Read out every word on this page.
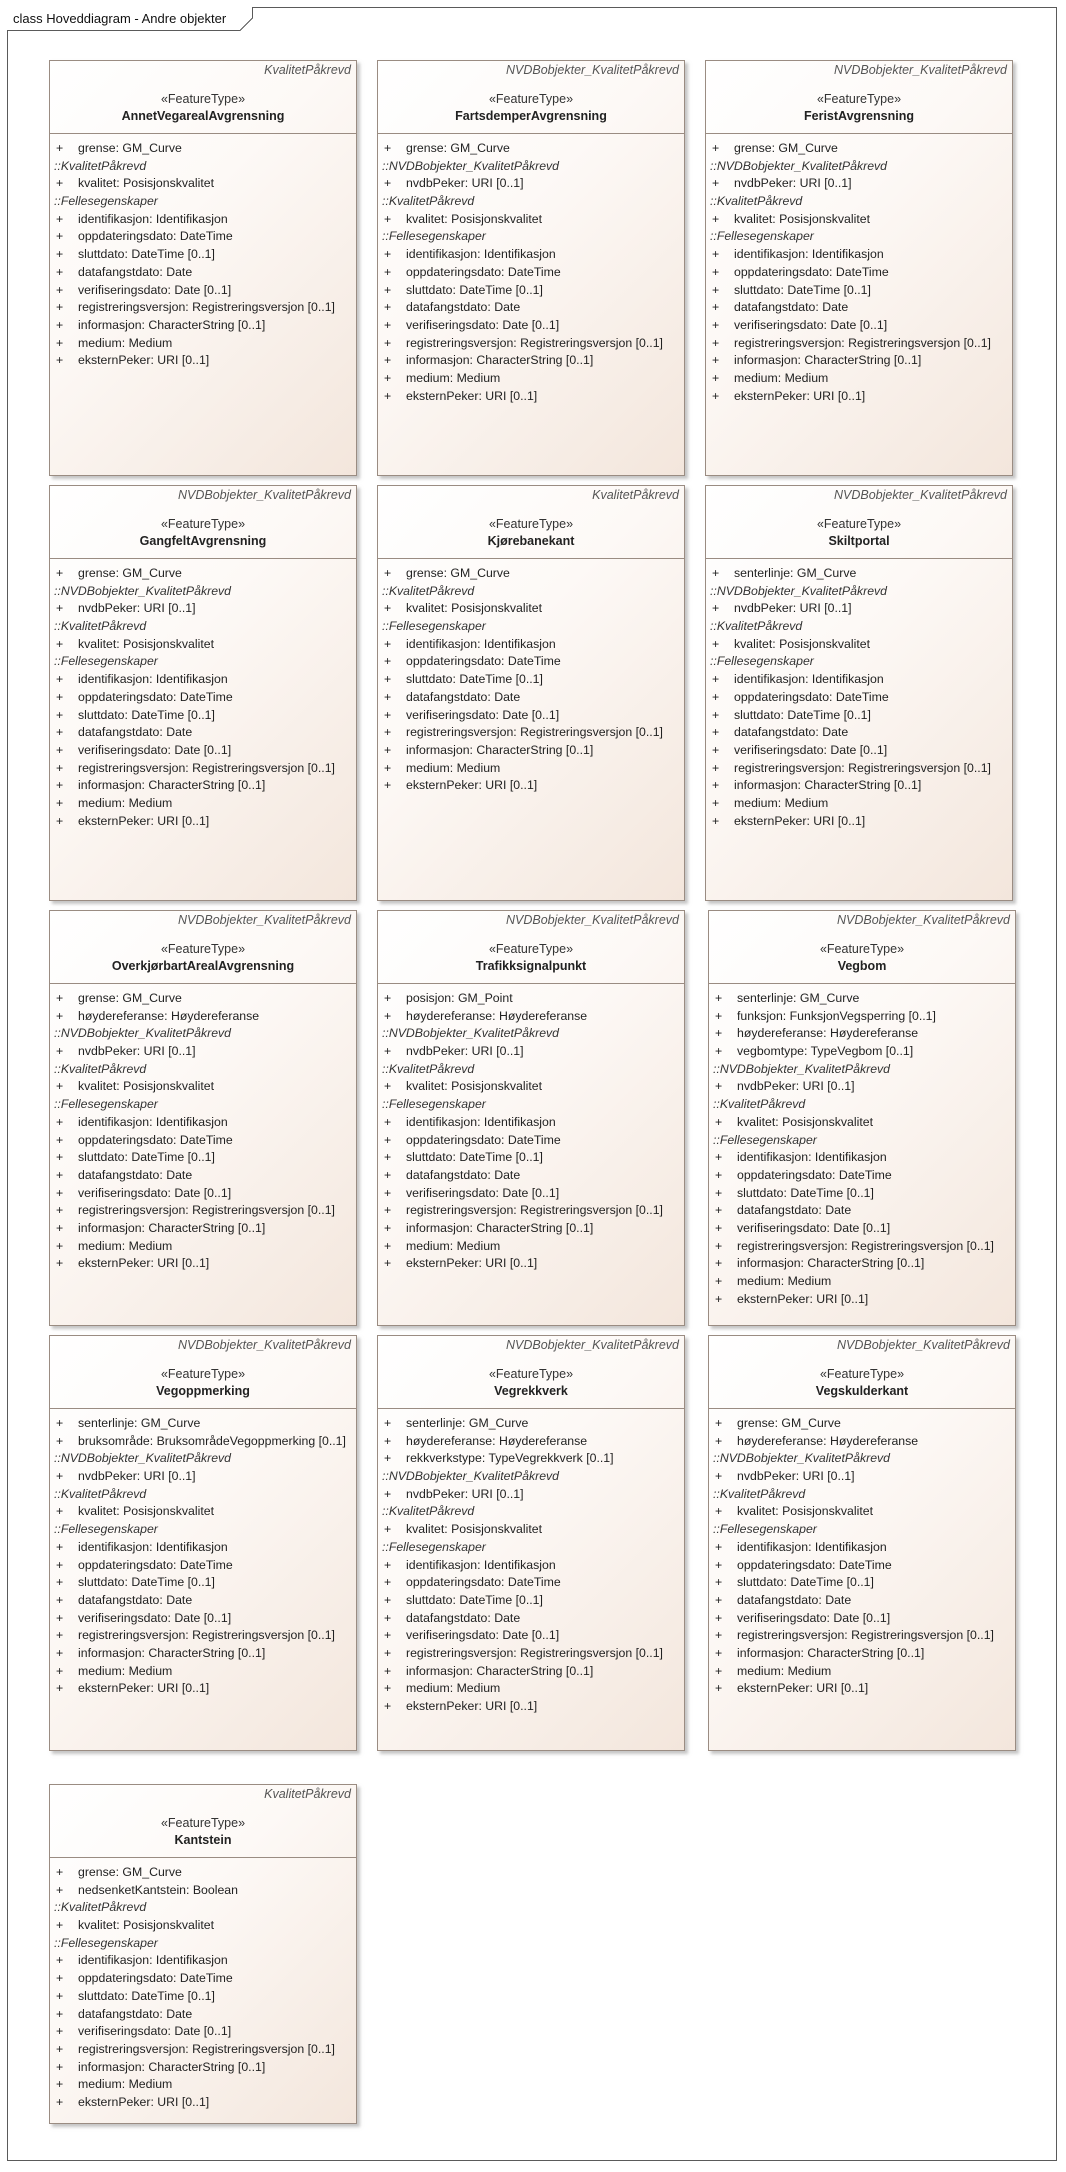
class Hoveddiagram - Andre objekter
KvalitetPåkrevd
«FeatureType»
AnnetVegarealAvgrensning
+ grense: GM_Curve
::KvalitetPåkrevd
+ kvalitet: Posisjonskvalitet
::Fellesegenskaper
+ identifikasjon: Identifikasjon
+ oppdateringsdato: DateTime
+ sluttdato: DateTime [0..1]
+ datafangstdato: Date
+ verifiseringsdato: Date [0..1]
+ registreringsversjon: Registreringsversjon [0..1]
+ informasjon: CharacterString [0..1]
+ medium: Medium
+ eksternPeker: URI [0..1]
NVDBobjekter_KvalitetPåkrevd
«FeatureType»
FartsdemperAvgrensning
+ grense: GM_Curve
::NVDBobjekter_KvalitetPåkrevd
+ nvdbPeker: URI [0..1]
::KvalitetPåkrevd
+ kvalitet: Posisjonskvalitet
::Fellesegenskaper
+ identifikasjon: Identifikasjon
+ oppdateringsdato: DateTime
+ sluttdato: DateTime [0..1]
+ datafangstdato: Date
+ verifiseringsdato: Date [0..1]
+ registreringsversjon: Registreringsversjon [0..1]
+ informasjon: CharacterString [0..1]
+ medium: Medium
+ eksternPeker: URI [0..1]
NVDBobjekter_KvalitetPåkrevd
«FeatureType»
FeristAvgrensning
+ grense: GM_Curve
::NVDBobjekter_KvalitetPåkrevd
+ nvdbPeker: URI [0..1]
::KvalitetPåkrevd
+ kvalitet: Posisjonskvalitet
::Fellesegenskaper
+ identifikasjon: Identifikasjon
+ oppdateringsdato: DateTime
+ sluttdato: DateTime [0..1]
+ datafangstdato: Date
+ verifiseringsdato: Date [0..1]
+ registreringsversjon: Registreringsversjon [0..1]
+ informasjon: CharacterString [0..1]
+ medium: Medium
+ eksternPeker: URI [0..1]
NVDBobjekter_KvalitetPåkrevd
«FeatureType»
GangfeltAvgrensning
+ grense: GM_Curve
::NVDBobjekter_KvalitetPåkrevd
+ nvdbPeker: URI [0..1]
::KvalitetPåkrevd
+ kvalitet: Posisjonskvalitet
::Fellesegenskaper
+ identifikasjon: Identifikasjon
+ oppdateringsdato: DateTime
+ sluttdato: DateTime [0..1]
+ datafangstdato: Date
+ verifiseringsdato: Date [0..1]
+ registreringsversjon: Registreringsversjon [0..1]
+ informasjon: CharacterString [0..1]
+ medium: Medium
+ eksternPeker: URI [0..1]
KvalitetPåkrevd
«FeatureType»
Kjørebanekant
+ grense: GM_Curve
::KvalitetPåkrevd
+ kvalitet: Posisjonskvalitet
::Fellesegenskaper
+ identifikasjon: Identifikasjon
+ oppdateringsdato: DateTime
+ sluttdato: DateTime [0..1]
+ datafangstdato: Date
+ verifiseringsdato: Date [0..1]
+ registreringsversjon: Registreringsversjon [0..1]
+ informasjon: CharacterString [0..1]
+ medium: Medium
+ eksternPeker: URI [0..1]
NVDBobjekter_KvalitetPåkrevd
«FeatureType»
Skiltportal
+ senterlinje: GM_Curve
::NVDBobjekter_KvalitetPåkrevd
+ nvdbPeker: URI [0..1]
::KvalitetPåkrevd
+ kvalitet: Posisjonskvalitet
::Fellesegenskaper
+ identifikasjon: Identifikasjon
+ oppdateringsdato: DateTime
+ sluttdato: DateTime [0..1]
+ datafangstdato: Date
+ verifiseringsdato: Date [0..1]
+ registreringsversjon: Registreringsversjon [0..1]
+ informasjon: CharacterString [0..1]
+ medium: Medium
+ eksternPeker: URI [0..1]
NVDBobjekter_KvalitetPåkrevd
«FeatureType»
OverkjørbartArealAvgrensning
+ grense: GM_Curve
+ høydereferanse: Høydereferanse
::NVDBobjekter_KvalitetPåkrevd
+ nvdbPeker: URI [0..1]
::KvalitetPåkrevd
+ kvalitet: Posisjonskvalitet
::Fellesegenskaper
+ identifikasjon: Identifikasjon
+ oppdateringsdato: DateTime
+ sluttdato: DateTime [0..1]
+ datafangstdato: Date
+ verifiseringsdato: Date [0..1]
+ registreringsversjon: Registreringsversjon [0..1]
+ informasjon: CharacterString [0..1]
+ medium: Medium
+ eksternPeker: URI [0..1]
NVDBobjekter_KvalitetPåkrevd
«FeatureType»
Trafikksignalpunkt
+ posisjon: GM_Point
+ høydereferanse: Høydereferanse
::NVDBobjekter_KvalitetPåkrevd
+ nvdbPeker: URI [0..1]
::KvalitetPåkrevd
+ kvalitet: Posisjonskvalitet
::Fellesegenskaper
+ identifikasjon: Identifikasjon
+ oppdateringsdato: DateTime
+ sluttdato: DateTime [0..1]
+ datafangstdato: Date
+ verifiseringsdato: Date [0..1]
+ registreringsversjon: Registreringsversjon [0..1]
+ informasjon: CharacterString [0..1]
+ medium: Medium
+ eksternPeker: URI [0..1]
NVDBobjekter_KvalitetPåkrevd
«FeatureType»
Vegbom
+ senterlinje: GM_Curve
+ funksjon: FunksjonVegsperring [0..1]
+ høydereferanse: Høydereferanse
+ vegbomtype: TypeVegbom [0..1]
::NVDBobjekter_KvalitetPåkrevd
+ nvdbPeker: URI [0..1]
::KvalitetPåkrevd
+ kvalitet: Posisjonskvalitet
::Fellesegenskaper
+ identifikasjon: Identifikasjon
+ oppdateringsdato: DateTime
+ sluttdato: DateTime [0..1]
+ datafangstdato: Date
+ verifiseringsdato: Date [0..1]
+ registreringsversjon: Registreringsversjon [0..1]
+ informasjon: CharacterString [0..1]
+ medium: Medium
+ eksternPeker: URI [0..1]
NVDBobjekter_KvalitetPåkrevd
«FeatureType»
Vegoppmerking
+ senterlinje: GM_Curve
+ bruksområde: BruksområdeVegoppmerking [0..1]
::NVDBobjekter_KvalitetPåkrevd
+ nvdbPeker: URI [0..1]
::KvalitetPåkrevd
+ kvalitet: Posisjonskvalitet
::Fellesegenskaper
+ identifikasjon: Identifikasjon
+ oppdateringsdato: DateTime
+ sluttdato: DateTime [0..1]
+ datafangstdato: Date
+ verifiseringsdato: Date [0..1]
+ registreringsversjon: Registreringsversjon [0..1]
+ informasjon: CharacterString [0..1]
+ medium: Medium
+ eksternPeker: URI [0..1]
NVDBobjekter_KvalitetPåkrevd
«FeatureType»
Vegrekkverk
+ senterlinje: GM_Curve
+ høydereferanse: Høydereferanse
+ rekkverkstype: TypeVegrekkverk [0..1]
::NVDBobjekter_KvalitetPåkrevd
+ nvdbPeker: URI [0..1]
::KvalitetPåkrevd
+ kvalitet: Posisjonskvalitet
::Fellesegenskaper
+ identifikasjon: Identifikasjon
+ oppdateringsdato: DateTime
+ sluttdato: DateTime [0..1]
+ datafangstdato: Date
+ verifiseringsdato: Date [0..1]
+ registreringsversjon: Registreringsversjon [0..1]
+ informasjon: CharacterString [0..1]
+ medium: Medium
+ eksternPeker: URI [0..1]
NVDBobjekter_KvalitetPåkrevd
«FeatureType»
Vegskulderkant
+ grense: GM_Curve
+ høydereferanse: Høydereferanse
::NVDBobjekter_KvalitetPåkrevd
+ nvdbPeker: URI [0..1]
::KvalitetPåkrevd
+ kvalitet: Posisjonskvalitet
::Fellesegenskaper
+ identifikasjon: Identifikasjon
+ oppdateringsdato: DateTime
+ sluttdato: DateTime [0..1]
+ datafangstdato: Date
+ verifiseringsdato: Date [0..1]
+ registreringsversjon: Registreringsversjon [0..1]
+ informasjon: CharacterString [0..1]
+ medium: Medium
+ eksternPeker: URI [0..1]
KvalitetPåkrevd
«FeatureType»
Kantstein
+ grense: GM_Curve
+ nedsenketKantstein: Boolean
::KvalitetPåkrevd
+ kvalitet: Posisjonskvalitet
::Fellesegenskaper
+ identifikasjon: Identifikasjon
+ oppdateringsdato: DateTime
+ sluttdato: DateTime [0..1]
+ datafangstdato: Date
+ verifiseringsdato: Date [0..1]
+ registreringsversjon: Registreringsversjon [0..1]
+ informasjon: CharacterString [0..1]
+ medium: Medium
+ eksternPeker: URI [0..1]
